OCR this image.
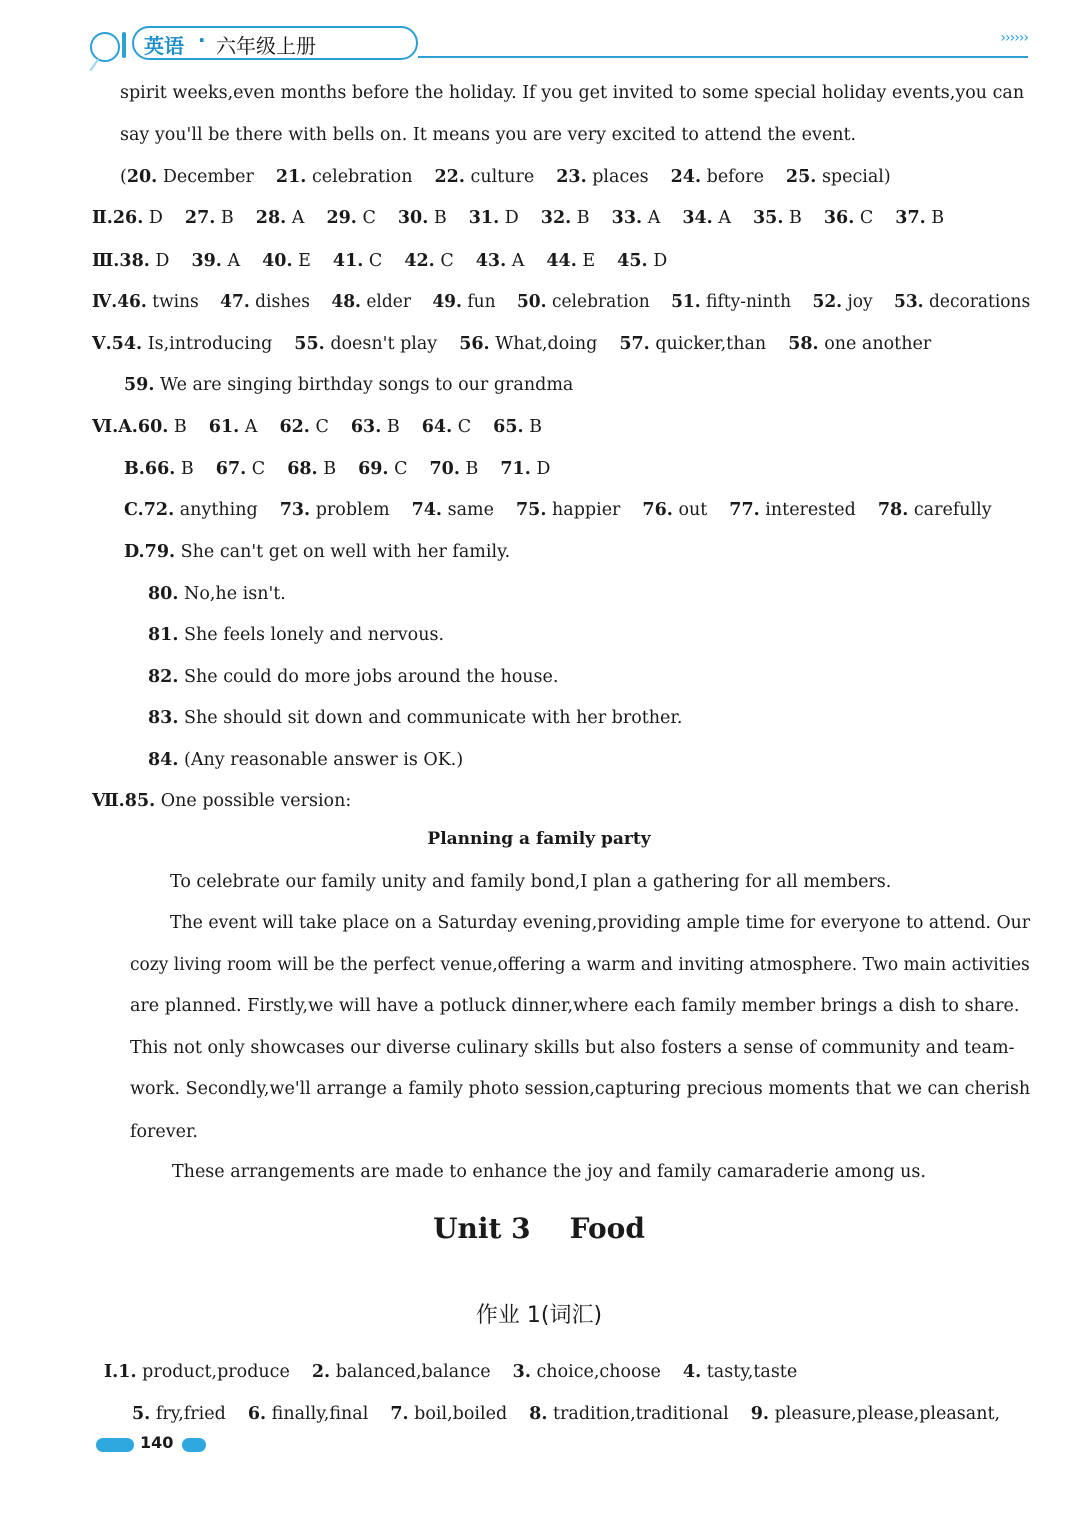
英语 · 六年级上册	››››››
spirit weeks,even months before the holiday. If you get invited to some special holiday events,you can
say you'll be there with bells on. It means you are very excited to attend the event.
(20. December 21. celebration 22. culture 23. places 24. before 25. special)
Ⅱ.26. D 27. B 28. A 29. C 30. B 31. D 32. B 33. A 34. A 35. B 36. C 37. B
Ⅲ.38. D 39. A 40. E 41. C 42. C 43. A 44. E 45. D
Ⅳ.46. twins 47. dishes 48. elder 49. fun 50. celebration 51. fifty-ninth 52. joy 53. decorations
Ⅴ.54. Is,introducing 55. doesn't play 56. What,doing 57. quicker,than 58. one another
59. We are singing birthday songs to our grandma
Ⅵ.A.60. B 61. A 62. C 63. B 64. C 65. B
B.66. B 67. C 68. B 69. C 70. B 71. D
C.72. anything 73. problem 74. same 75. happier 76. out 77. interested 78. carefully
D.79. She can't get on well with her family.
80. No,he isn't.
81. She feels lonely and nervous.
82. She could do more jobs around the house.
83. She should sit down and communicate with her brother.
84. (Any reasonable answer is OK.)
Ⅶ.85. One possible version:
Planning a family party
To celebrate our family unity and family bond,I plan a gathering for all members.
The event will take place on a Saturday evening,providing ample time for everyone to attend. Our
cozy living room will be the perfect venue,offering a warm and inviting atmosphere. Two main activities
are planned. Firstly,we will have a potluck dinner,where each family member brings a dish to share.
This not only showcases our diverse culinary skills but also fosters a sense of community and team-
work. Secondly,we'll arrange a family photo session,capturing precious moments that we can cherish
forever.
These arrangements are made to enhance the joy and family camaraderie among us.
Unit 3    Food
作业 1(词汇)
Ⅰ.1. product,produce 2. balanced,balance 3. choice,choose 4. tasty,taste
5. fry,fried 6. finally,final 7. boil,boiled 8. tradition,traditional 9. pleasure,please,pleasant,
140
